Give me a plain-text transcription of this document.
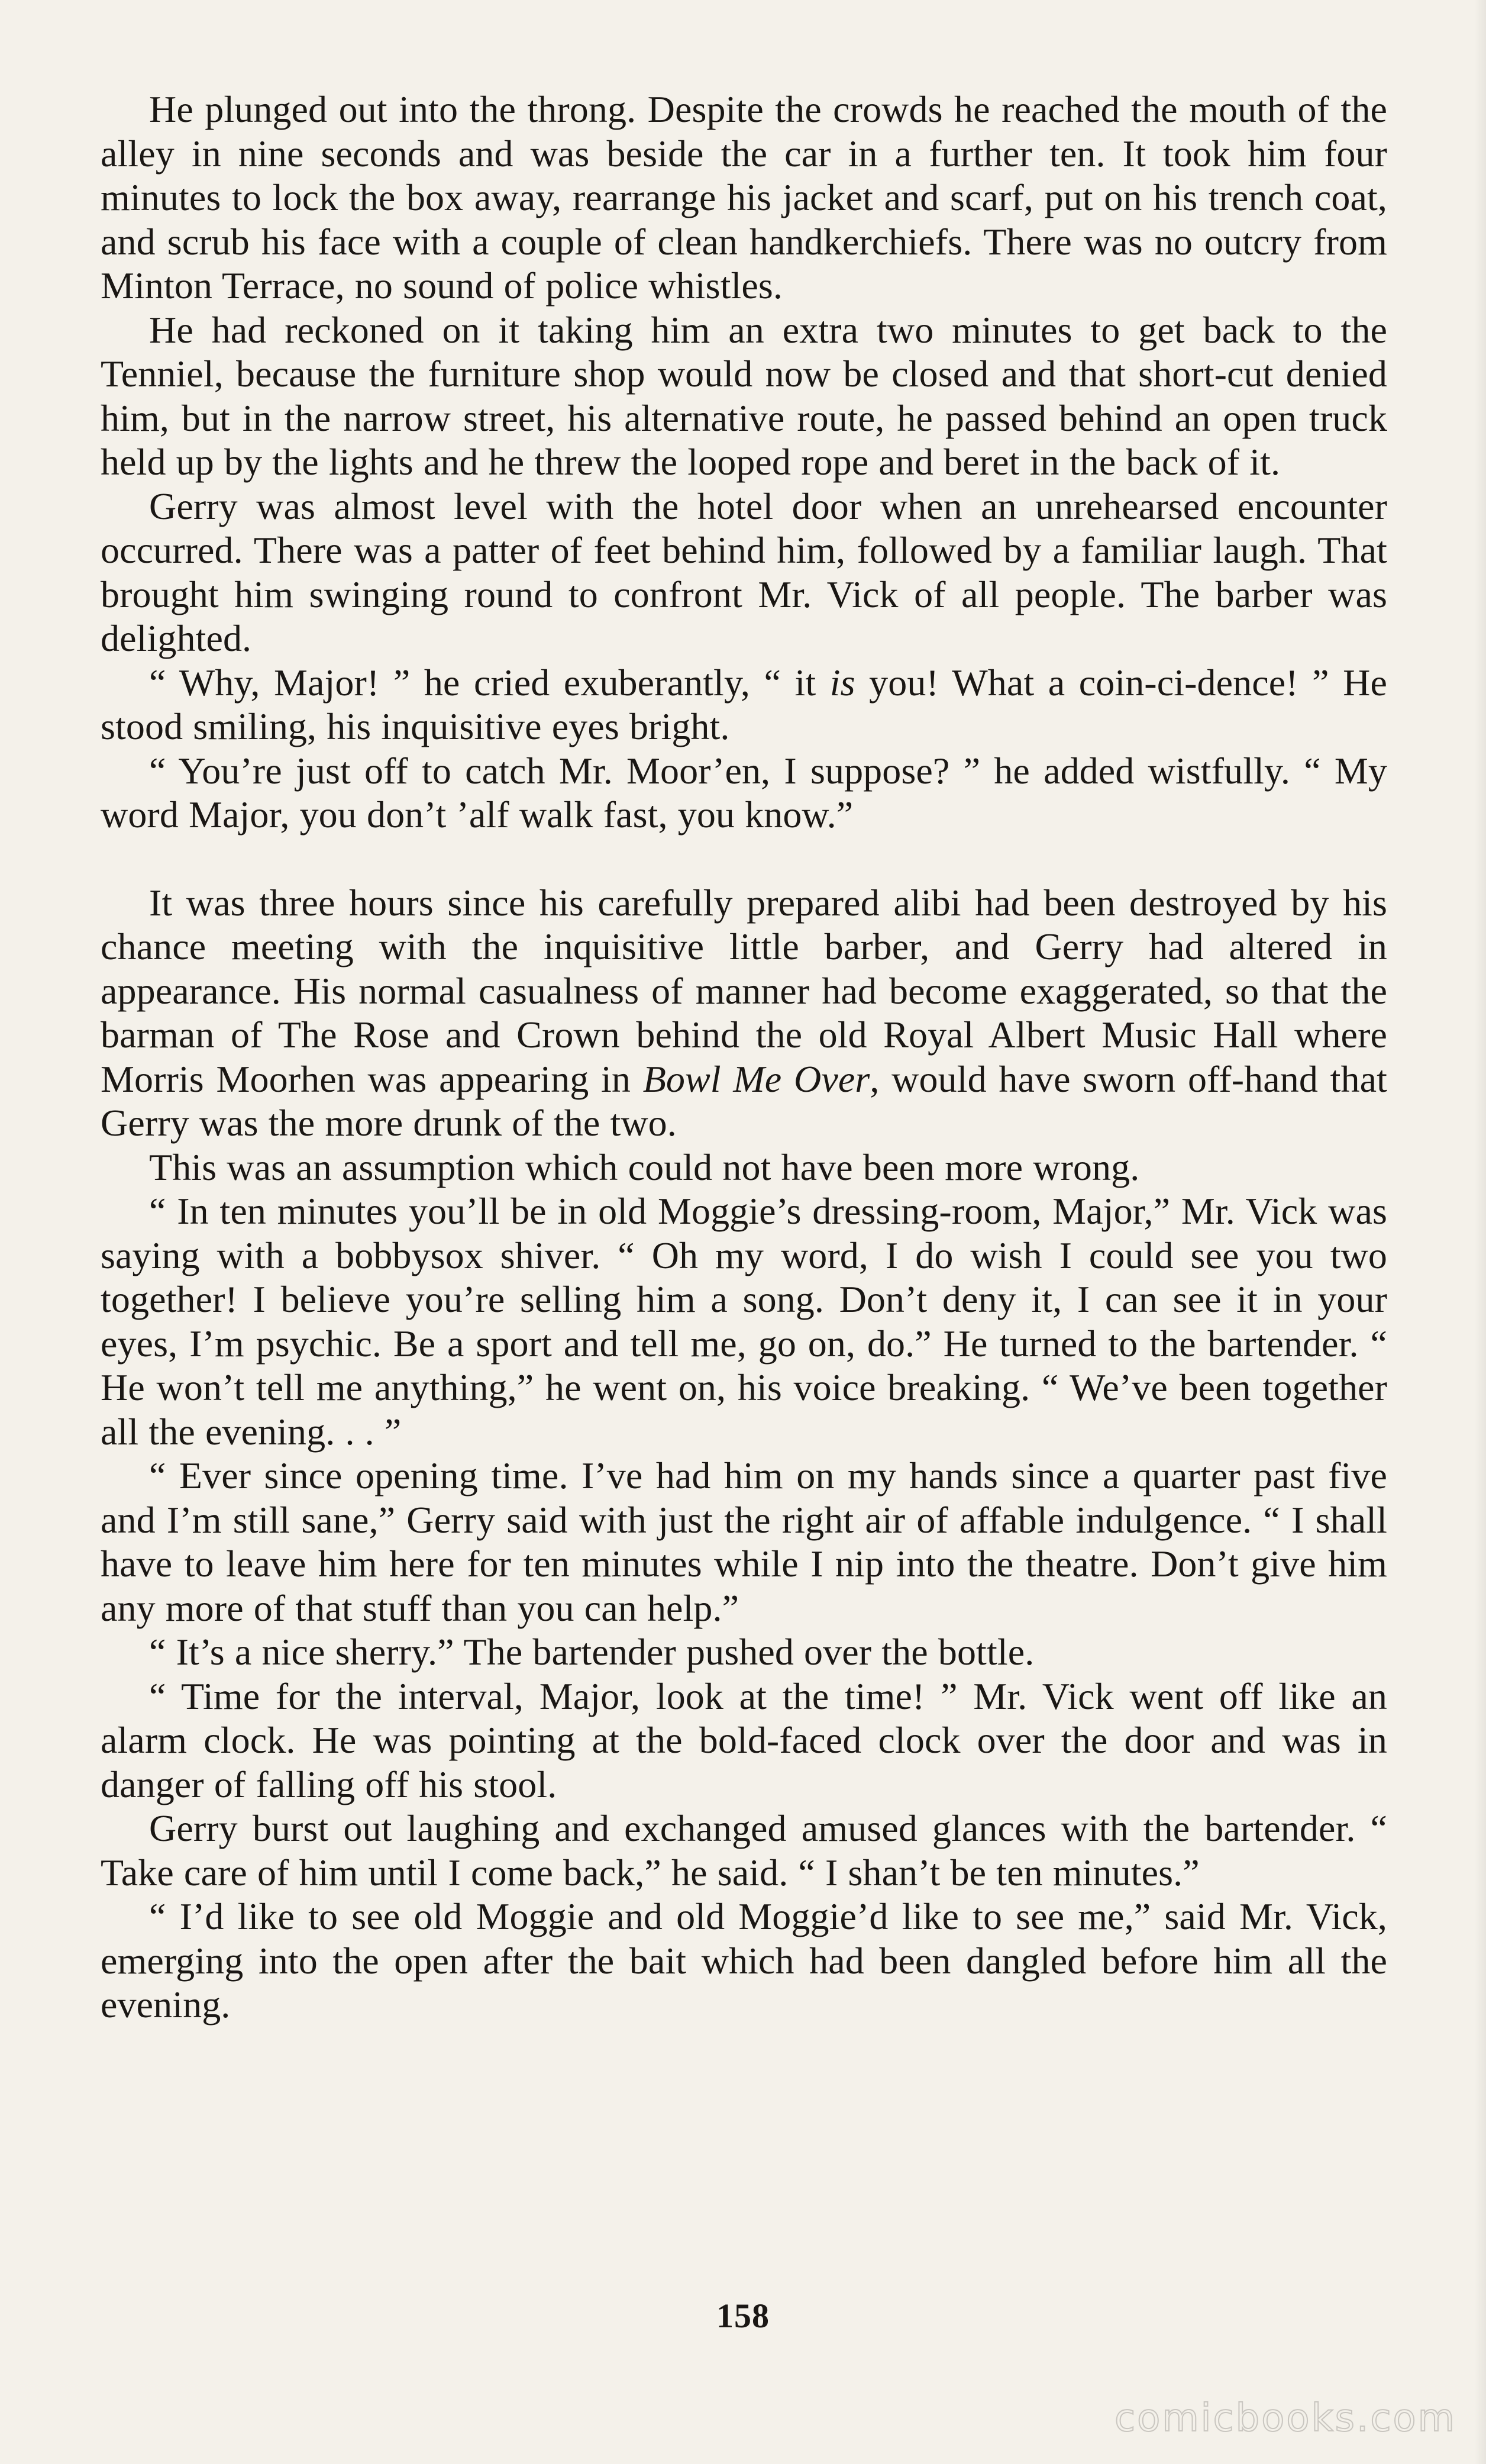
He plunged out into the throng. Despite the crowds he reached the mouth of the alley in nine seconds and was beside the car in a further ten. It took him four minutes to lock the box away, rearrange his jacket and scarf, put on his trench coat, and scrub his face with a couple of clean handkerchiefs. There was no outcry from Minton Terrace, no sound of police whistles.

He had reckoned on it taking him an extra two minutes to get back to the Tenniel, because the furniture shop would now be closed and that short-cut denied him, but in the narrow street, his alternative route, he passed behind an open truck held up by the lights and he threw the looped rope and beret in the back of it.

Gerry was almost level with the hotel door when an unrehearsed encounter occurred. There was a patter of feet behind him, followed by a familiar laugh. That brought him swinging round to confront Mr. Vick of all people. The barber was delighted.

“ Why, Major! ” he cried exuberantly, “ it is you! What a coin-ci-dence! ” He stood smiling, his inquisitive eyes bright.

“ You’re just off to catch Mr. Moor’en, I suppose? ” he added wistfully. “ My word Major, you don’t ’alf walk fast, you know.”

It was three hours since his carefully prepared alibi had been destroyed by his chance meeting with the inquisitive little barber, and Gerry had altered in appearance. His normal casualness of manner had become exaggerated, so that the barman of The Rose and Crown behind the old Royal Albert Music Hall where Morris Moorhen was appearing in Bowl Me Over, would have sworn off-hand that Gerry was the more drunk of the two.

This was an assumption which could not have been more wrong.

“ In ten minutes you’ll be in old Moggie’s dressing-room, Major,” Mr. Vick was saying with a bobbysox shiver. “ Oh my word, I do wish I could see you two together! I believe you’re selling him a song. Don’t deny it, I can see it in your eyes, I’m psychic. Be a sport and tell me, go on, do.” He turned to the bartender. “ He won’t tell me anything,” he went on, his voice breaking. “ We’ve been together all the evening. . . ”

“ Ever since opening time. I’ve had him on my hands since a quarter past five and I’m still sane,” Gerry said with just the right air of affable indulgence. “ I shall have to leave him here for ten minutes while I nip into the theatre. Don’t give him any more of that stuff than you can help.”

“ It’s a nice sherry.” The bartender pushed over the bottle.

“ Time for the interval, Major, look at the time! ” Mr. Vick went off like an alarm clock. He was pointing at the bold-faced clock over the door and was in danger of falling off his stool.

Gerry burst out laughing and exchanged amused glances with the bartender. “ Take care of him until I come back,” he said. “ I shan’t be ten minutes.”

“ I’d like to see old Moggie and old Moggie’d like to see me,” said Mr. Vick, emerging into the open after the bait which had been dangled before him all the evening.

158
comicbooks.com
